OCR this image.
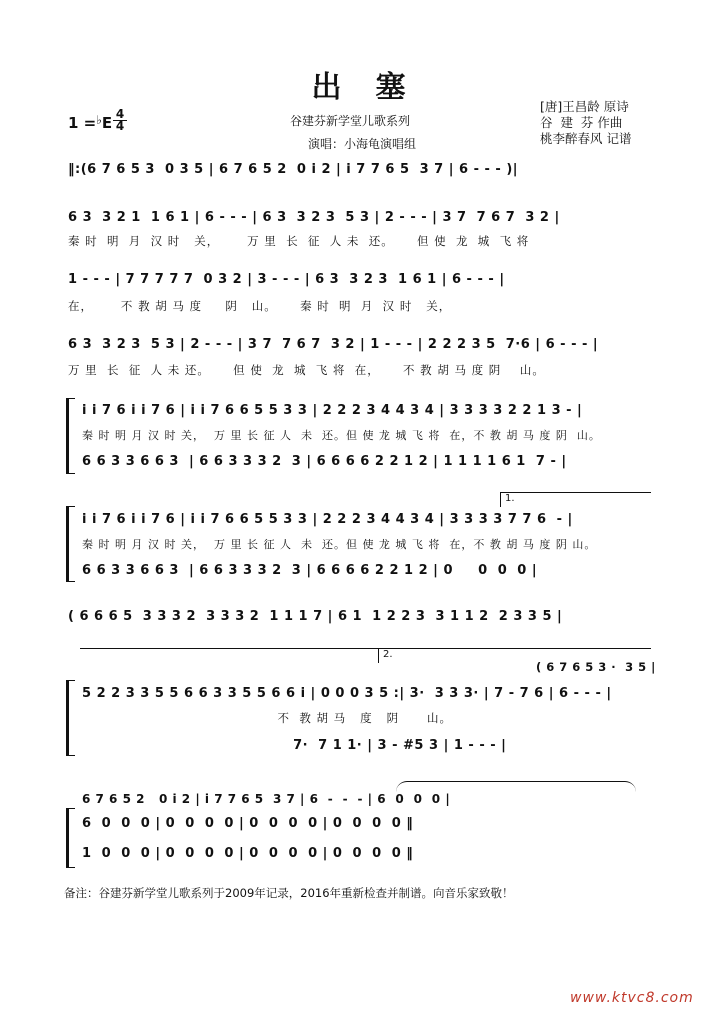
出塞
1 =♭E 4
4	谷建芬新学堂儿歌系列
演唱：小海龟演唱组
[唐]王昌龄 原诗
谷  建  芬 作曲
桃李醉春风 记谱
‖:(6 7 6 5 3  0 3 5 | 6 7 6 5 2  0 i 2 | i 7 7 6 5  3 7 | 6 - - - )|
6 3  3 2 1  1 6 1 | 6 - - - | 6 3  3 2 3  5 3 | 2 - - - | 3 7  7 6 7  3 2 |
秦 时  明  月  汉 时   关，      万 里  长  征  人 未  还。     但 使  龙  城  飞 将
1 - - - | 7 7 7 7 7  0 3 2 | 3 - - - | 6 3  3 2 3  1 6 1 | 6 - - - |
在，      不 教 胡 马 度     阴   山。     秦 时  明  月  汉 时   关，
6 3  3 2 3  5 3 | 2 - - - | 3 7  7 6 7  3 2 | 1 - - - | 2 2 2 3 5  7·6 | 6 - - - |
万 里  长  征  人 未 还。     但 使  龙  城  飞 将  在，     不 教 胡 马 度 阴    山。
i i 7 6 i i 7 6 | i i 7 6 6 5 5 3 3 | 2 2 2 3 4 4 3 4 | 3 3 3 3 2 2 1 3 - |
秦 时 明 月 汉 时 关，  万 里 长 征 人  未  还。但 使 龙 城 飞 将  在，不 教 胡 马 度 阴  山。
6 6 3 3 6 6 3  | 6 6 3 3 3 2  3 | 6 6 6 6 2 2 1 2 | 1 1 1 1 6 1  7 - |
1.
i i 7 6 i i 7 6 | i i 7 6 6 5 5 3 3 | 2 2 2 3 4 4 3 4 | 3 3 3 3 7 7 6  - |
秦 时 明 月 汉 时 关，  万 里 长 征 人  未  还。但 使 龙 城 飞 将  在，不 教 胡 马 度 阴 山。
6 6 3 3 6 6 3  | 6 6 3 3 3 2  3 | 6 6 6 6 2 2 1 2 | 0     0  0  0 |
( 6 6 6 5  3 3 3 2  3 3 3 2  1 1 1 7 | 6 1  1 2 2 3  3 1 1 2  2 3 3 5 |
2.
( 6 7 6 5 3 ·  3 5 |
5 2 2 3 3 5 5 6 6 3 3 5 5 6 6 i | 0 0 0 3 5 :| 3·  3 3 3· | 7 - 7 6 | 6 - - - |
不  教 胡 马   度   阴      山。
7·  7 1 1· | 3 - #5 3 | 1 - - - |
6 7 6 5 2   0 i 2 | i 7 7 6 5  3 7 | 6  -  -  - | 6  0  0  0 |
6  0  0  0 | 0  0  0  0 | 0  0  0  0 | 0  0  0  0 ‖
1  0  0  0 | 0  0  0  0 | 0  0  0  0 | 0  0  0  0 ‖
备注：谷建芬新学堂儿歌系列于2009年记录，2016年重新检查并制谱。向音乐家致敬！
www.ktvc8.com
